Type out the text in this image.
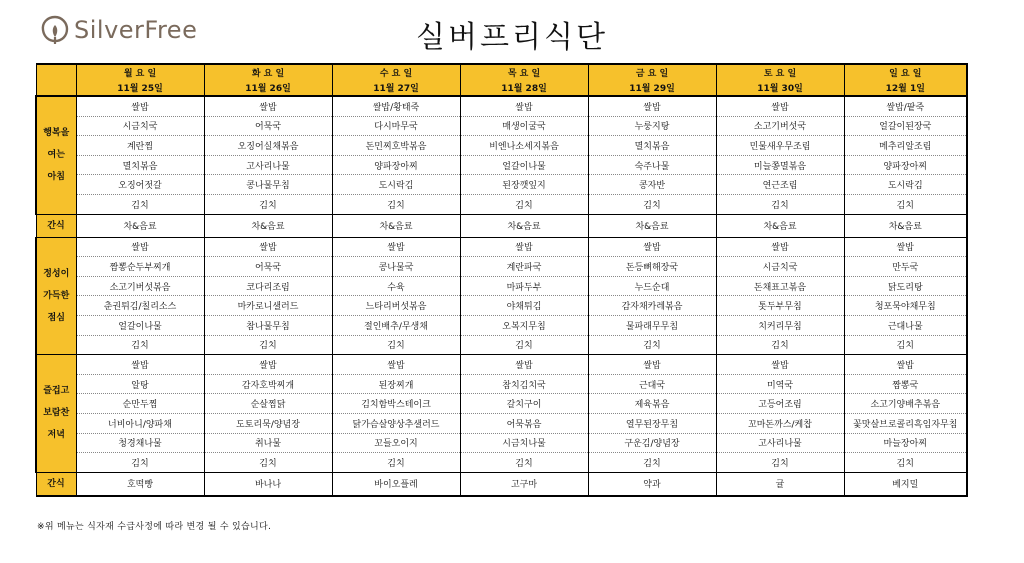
SilverFree	실버프리식단
	월 요 일	화 요 일	수 요 일	목 요 일	금 요 일	토 요 일	일 요 일
	11월 25일	11월 26일	11월 27일	11월 28일	11월 29일	11월 30일	12월 1일

행복을
여는
아침	쌀밥	쌀밥	쌀밥/황태죽	쌀밥	쌀밥	쌀밥	쌀밥/팥죽
	시금치국	어묵국	다시마무국	매생이굴국	누룽지탕	소고기버섯국	얼갈이된장국
	계란찜	오징어실채볶음	돈민찌호박볶음	비엔나소세지볶음	멸치볶음	민물새우무조림	메추리알조림
	멸치볶음	고사리나물	양파장아찌	얼갈이나물	숙주나물	미늘쫑멸볶음	양파장아찌
	오징어젓갈	콩나물무침	도시락김	된장깻잎지	콩자반	연근조림	도시락김
	김치	김치	김치	김치	김치	김치	김치
간식	차&음료	차&음료	차&음료	차&음료	차&음료	차&음료	차&음료

정성이
가득한
점심	쌀밥	쌀밥	쌀밥	쌀밥	쌀밥	쌀밥	쌀밥
	짬뽕순두부찌개	어묵국	콩나물국	계란파국	돈등뼈해장국	시금치국	만두국
	소고기버섯볶음	코다리조림	수육	마파두부	누드순대	돈채표고볶음	닭도리탕
	춘권튀김/칠리소스	마카로니샐러드	느타리버섯볶음	야채튀김	감자채카레볶음	톳두부무침	청포묵야채무침
	얼갈이나물	참나물무침	절인배추/무생채	오복지무침	물파래무무침	치커리무침	근대나물
	김치	김치	김치	김치	김치	김치	김치

즐겁고
보람찬
저녁	쌀밥	쌀밥	쌀밥	쌀밥	쌀밥	쌀밥	쌀밥
	알탕	감자호박찌개	된장찌개	참치김치국	근대국	미역국	짬뽕국
	순만두찜	순살찜닭	김치함박스테이크	갈치구이	제육볶음	고등어조림	소고기양배추볶음
	너비아니/양파채	도토리묵/양념장	닭가슴살양상추샐러드	어묵볶음	열무된장무침	꼬마돈까스/케찹	꽃맛살브로콜리흑임자무침
	청경채나물	취나물	꼬들오이지	시금치나물	구운김/양념장	고사리나물	마늘장아찌
	김치	김치	김치	김치	김치	김치	김치
간식	호떡빵	바나나	바이오플레	고구마	약과	귤	베지밀
※위 메뉴는 식자재 수급사정에 따라 변경 될 수 있습니다.
